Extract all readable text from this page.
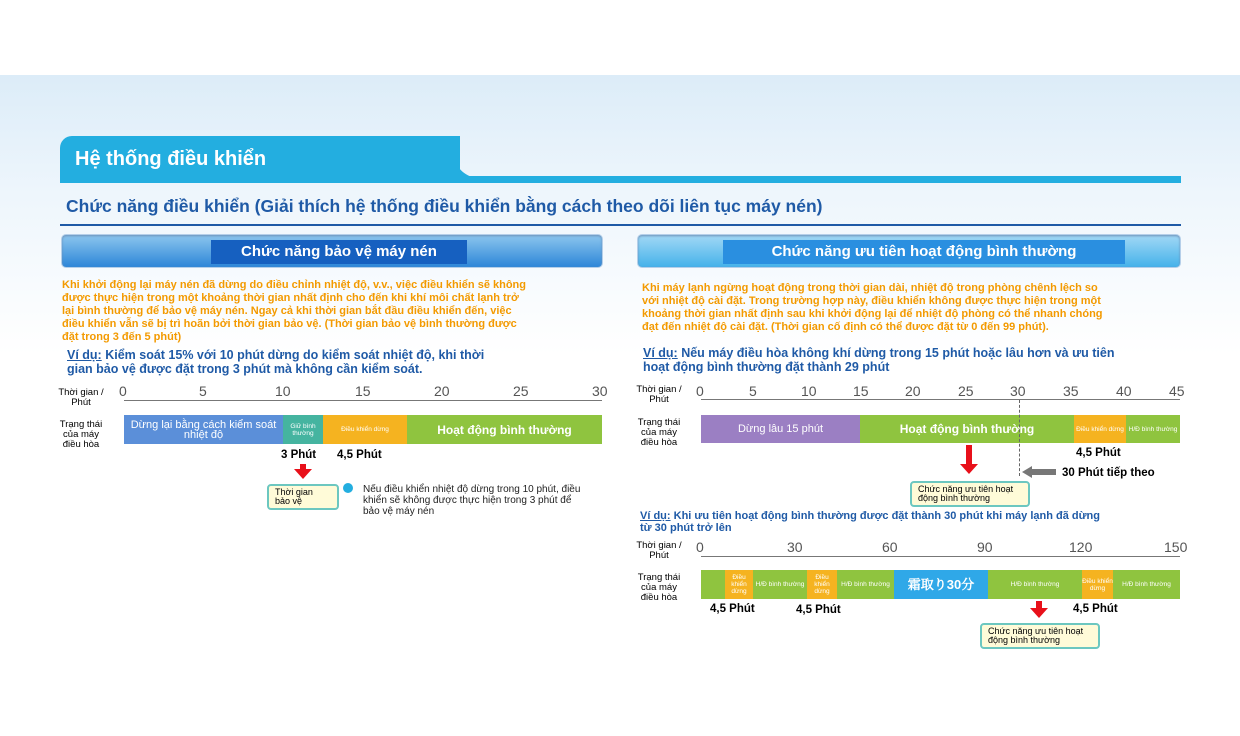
Hệ thống điều khiển
Chức năng điều khiển (Giải thích hệ thống điều khiển bằng cách theo dõi liên tục máy nén)
Chức năng bảo vệ máy nén
Khi khởi động lại máy nén đã dừng do điều chỉnh nhiệt độ, v.v., việc điều khiển sẽ không
được thực hiện trong một khoảng thời gian nhất định cho đến khi khí môi chất lạnh trở
lại bình thường để bảo vệ máy nén. Ngay cả khi thời gian bắt đầu điều khiển đến, việc
điều khiển vẫn sẽ bị trì hoãn bởi thời gian bảo vệ. (Thời gian bảo vệ bình thường được
đặt trong 3 đến 5 phút)
Ví dụ: Kiểm soát 15% với 10 phút dừng do kiểm soát nhiệt độ, khi thời
gian bảo vệ được đặt trong 3 phút mà không cần kiểm soát.
Thời gian /
Phút
Trạng thái
của máy
điều hòa
0	5	10	15	20	25	30
Dừng lại bằng cách kiểm soát nhiệt độ
Giữ bình thường	Điều khiển dừng	Hoạt động bình thường
3 Phút 4,5 Phút
Thời gian
bảo vệ
Nếu điều khiển nhiệt độ dừng trong 10 phút, điều
khiển sẽ không được thực hiện trong 3 phút để
bảo vệ máy nén
Chức năng ưu tiên hoạt động bình thường
Khi máy lạnh ngừng hoạt động trong thời gian dài, nhiệt độ trong phòng chênh lệch so
với nhiệt độ cài đặt. Trong trường hợp này, điều khiển không được thực hiện trong một
khoảng thời gian nhất định sau khi khởi động lại để nhiệt độ phòng có thể nhanh chóng
đạt đến nhiệt độ cài đặt. (Thời gian cố định có thể được đặt từ 0 đến 99 phút).
Ví dụ: Nếu máy điều hòa không khí dừng trong 15 phút hoặc lâu hơn và ưu tiên
hoạt động bình thường đặt thành 29 phút
Thời gian /
Phút
Trạng thái
của máy
điều hòa
0	5	10	15	20	25	30	35	40	45
Dừng lâu 15 phút	Hoạt động bình thường	Điều khiển dừng H/Đ bình thường
4,5 Phút
30 Phút tiếp theo
Chức năng ưu tiên hoạt
động bình thường
Ví dụ: Khi ưu tiên hoạt động bình thường được đặt thành 30 phút khi máy lạnh đã dừng
từ 30 phút trở lên
Thời gian /
Phút
Trạng thái
của máy
điều hòa
0	30	60	90	120	150
Điều khiển dừng
H/Đ bình thường
Điều khiển dừng
H/Đ bình thường	霜取り30分	H/Đ bình thường	Điều khiển dừng	H/Đ bình thường
4,5 Phút	4,5 Phút	4,5 Phút
Chức năng ưu tiên hoạt
động bình thường
